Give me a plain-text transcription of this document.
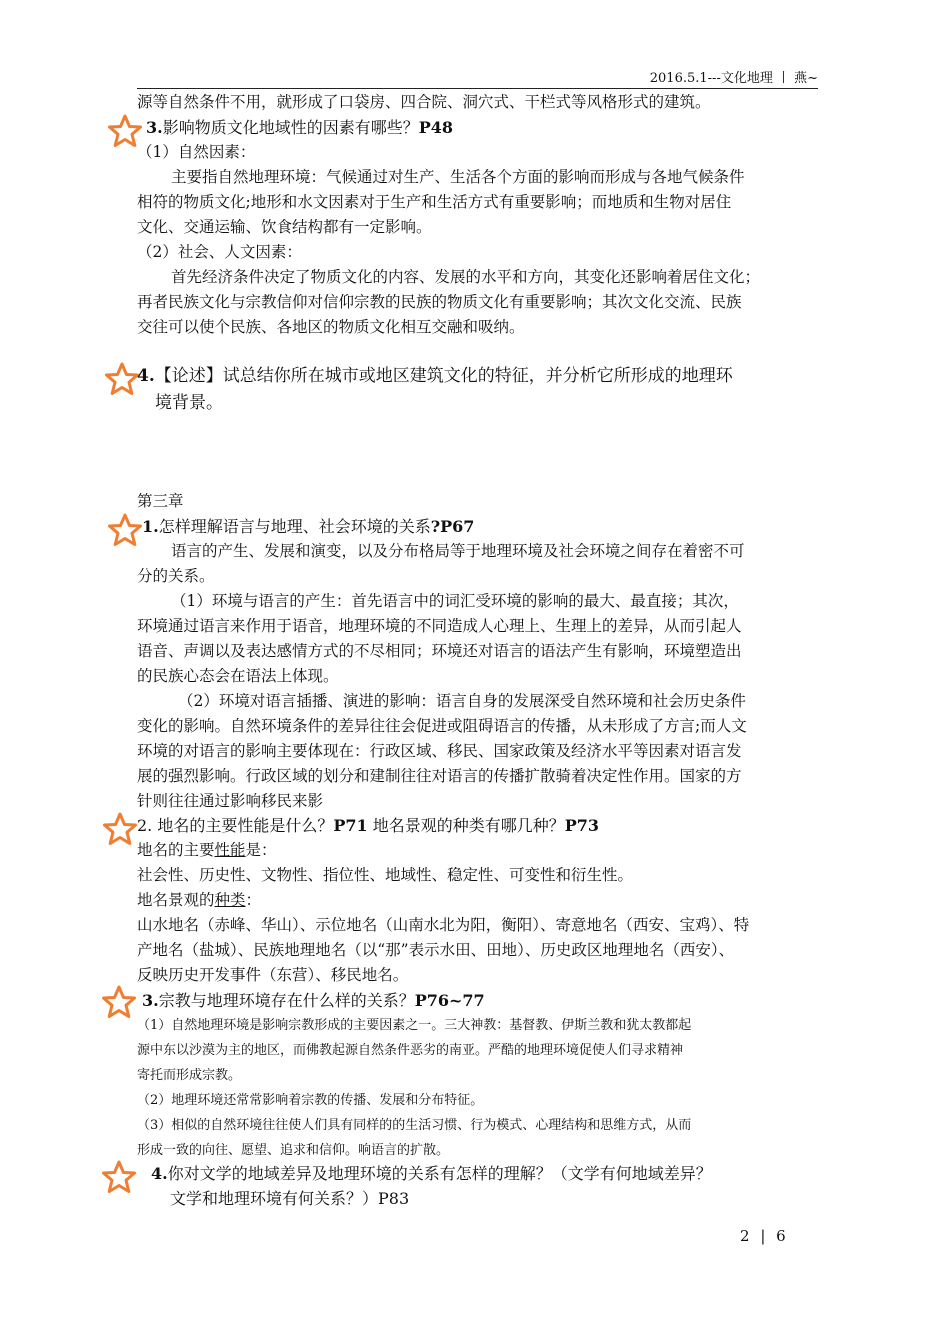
2016.5.1---文化地理 丨 燕~

源等自然条件不用，就形成了口袋房、四合院、洞穴式、干栏式等风格形式的建筑。

3.影响物质文化地域性的因素有哪些？P48

（1）自然因素：

主要指自然地理环境：气候通过对生产、生活各个方面的影响而形成与各地气候条件

相符的物质文化;地形和水文因素对于生产和生活方式有重要影响；而地质和生物对居住

文化、交通运输、饮食结构都有一定影响。

（2）社会、人文因素：

首先经济条件决定了物质文化的内容、发展的水平和方向，其变化还影响着居住文化；

再者民族文化与宗教信仰对信仰宗教的民族的物质文化有重要影响；其次文化交流、民族

交往可以使个民族、各地区的物质文化相互交融和吸纳。

4.【论述】试总结你所在城市或地区建筑文化的特征，并分析它所形成的地理环

境背景。

第三章

1.怎样理解语言与地理、社会环境的关系?P67

语言的产生、发展和演变，以及分布格局等于地理环境及社会环境之间存在着密不可

分的关系。

（1）环境与语言的产生：首先语言中的词汇受环境的影响的最大、最直接；其次，

环境通过语言来作用于语音，地理环境的不同造成人心理上、生理上的差异，从而引起人

语音、声调以及表达感情方式的不尽相同；环境还对语言的语法产生有影响，环境塑造出

的民族心态会在语法上体现。

（2）环境对语言插播、演进的影响：语言自身的发展深受自然环境和社会历史条件

变化的影响。自然环境条件的差异往往会促进或阻碍语言的传播，从未形成了方言;而人文

环境的对语言的影响主要体现在：行政区域、移民、国家政策及经济水平等因素对语言发

展的强烈影响。行政区域的划分和建制往往对语言的传播扩散骑着决定性作用。国家的方

针则往往通过影响移民来影

2. 地名的主要性能是什么？P71 地名景观的种类有哪几种？P73

地名的主要性能是：

社会性、历史性、文物性、指位性、地域性、稳定性、可变性和衍生性。

地名景观的种类：

山水地名（赤峰、华山）、示位地名（山南水北为阳，衡阳）、寄意地名（西安、宝鸡）、特

产地名（盐城）、民族地理地名（以“那”表示水田、田地）、历史政区地理地名（西安）、

反映历史开发事件（东营）、移民地名。

3.宗教与地理环境存在什么样的关系？P76~77

（1）自然地理环境是影响宗教形成的主要因素之一。三大神教：基督教、伊斯兰教和犹太教都起

源中东以沙漠为主的地区，而佛教起源自然条件恶劣的南亚。严酷的地理环境促使人们寻求精神

寄托而形成宗教。

（2）地理环境还常常影响着宗教的传播、发展和分布特征。

（3）相似的自然环境往往使人们具有同样的的生活习惯、行为模式、心理结构和思维方式，从而

形成一致的向往、愿望、追求和信仰。响语言的扩散。

4.你对文学的地域差异及地理环境的关系有怎样的理解？（文学有何地域差异？

文学和地理环境有何关系？）P83

2 | 6
